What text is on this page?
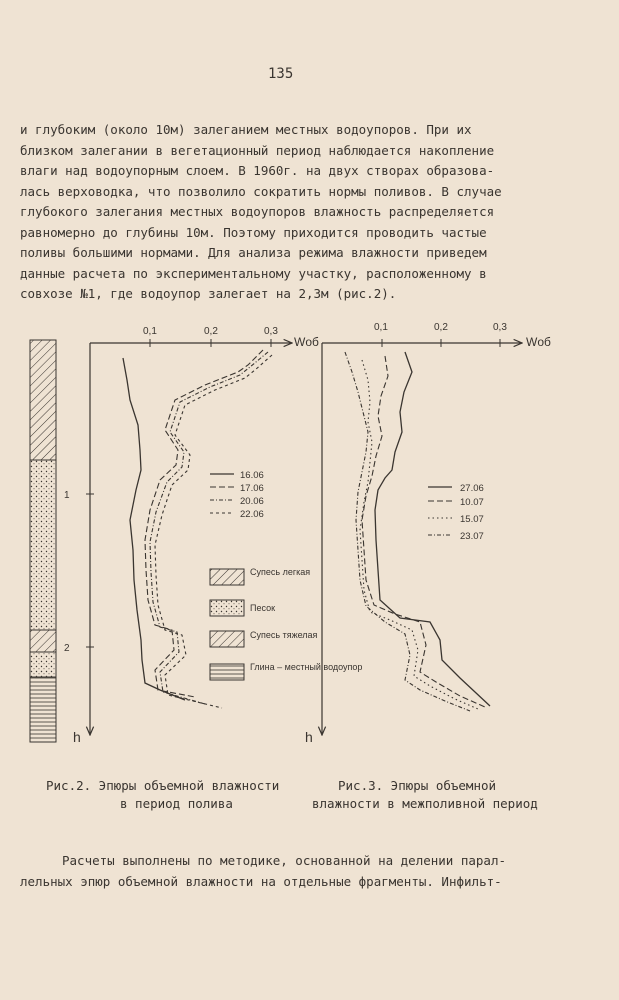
135

и глубоким (около 10м) залеганием местных водоупоров. При их
близком залегании в вегетационный период наблюдается накопление
влаги над водоупорным слоем. В 1960г. на двух створах образова-
лась верховодка, что позволило сократить нормы поливов. В случае
глубокого залегания местных водоупоров влажность распределяется
равномерно до глубины 10м. Поэтому приходится проводить частые
поливы большими нормами. Для анализа режима влажности приведем
данные расчета по экспериментальному участку, расположенному в
совхозе №1, где водоупор залегает на 2,3м (рис.2).

0,1	0,2	0,3
Wоб
h
1
2
16.06
17.06
20.06
22.06
Супесь легкая
Песок
Супесь тяжелая
Глина – местный водоупор
0,1	0,2	0,3
Wоб
h
27.06
10.07
15.07
23.07
Рис.2. Эпюры объемной влажности
в период полива
Рис.3. Эпюры объемной
влажности в межполивной период

Расчеты выполнены по методике, основанной на делении парал-
лельных эпюр объемной влажности на отдельные фрагменты. Инфильт-
